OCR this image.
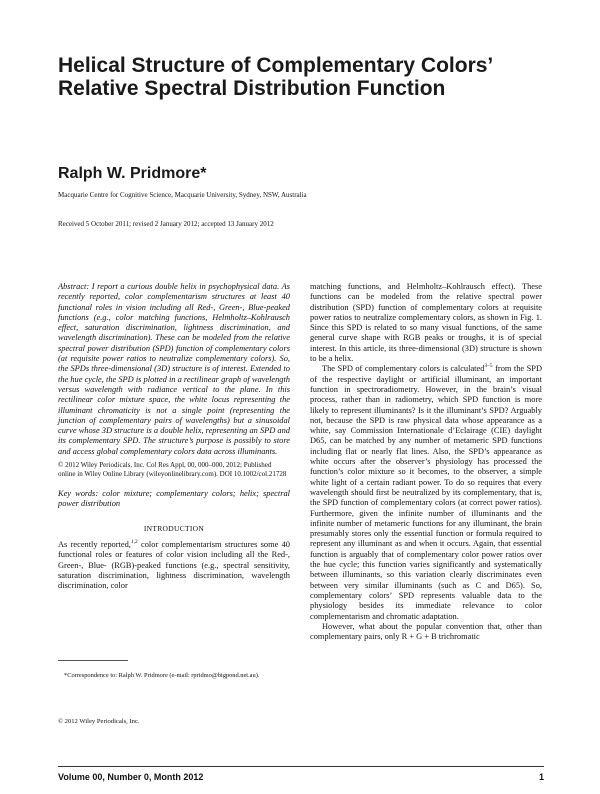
Helical Structure of Complementary Colors’ Relative Spectral Distribution Function
Ralph W. Pridmore*
Macquarie Centre for Cognitive Science, Macquarie University, Sydney, NSW, Australia
Received 5 October 2011; revised 2 January 2012; accepted 13 January 2012

Abstract: I report a curious double helix in psychophysical data. As recently reported, color complementarism structures at least 40 functional roles in vision including all Red-, Green-, Blue-peaked functions (e.g., color matching functions, Helmholtz–Kohlrausch effect, saturation discrimination, lightness discrimination, and wavelength discrimination). These can be modeled from the relative spectral power distribution (SPD) function of complementary colors (at requisite power ratios to neutralize complementary colors). So, the SPDs three-dimensional (3D) structure is of interest. Extended to the hue cycle, the SPD is plotted in a rectilinear graph of wavelength versus wavelength with radiance vertical to the plane. In this rectilinear color mixture space, the white locus representing the illuminant chromaticity is not a single point (representing the junction of complementary pairs of wavelengths) but a sinusoidal curve whose 3D structure is a double helix, representing an SPD and its complementary SPD. The structure’s purpose is possibly to store and access global complementary colors data across illuminants.

© 2012 Wiley Periodicals, Inc. Col Res Appl, 00, 000–000, 2012; Published online in Wiley Online Library (wileyonlinelibrary.com). DOI 10.1002/col.21728

Key words: color mixture; complementary colors; helix; spectral power distribution

INTRODUCTION

As recently reported,$^{1,2}$ color complementarism structures some 40 functional roles or features of color vision including all the Red-, Green-, Blue- (RGB)-peaked functions (e.g., spectral sensitivity, saturation discrimination, lightness discrimination, wavelength discrimination, color

matching functions, and Helmholtz–Kohlrausch effect). These functions can be modeled from the relative spectral power distribution (SPD) function of complementary colors at requisite power ratios to neutralize complementary colors, as shown in Fig. 1. Since this SPD is related to so many visual functions, of the same general curve shape with RGB peaks or troughs, it is of special interest. In this article, its three-dimensional (3D) structure is shown to be a helix.

The SPD of complementary colors is calculated$^{3-5}$ from the SPD of the respective daylight or artificial illuminant, an important function in spectroradiometry. However, in the brain’s visual process, rather than in radiometry, which SPD function is more likely to represent illuminants? Is it the illuminant’s SPD? Arguably not, because the SPD is raw physical data whose appearance as a white, say Commission Internationale d’Eclairage (CIE) daylight D65, can be matched by any number of metameric SPD functions including flat or nearly flat lines. Also, the SPD’s appearance as white occurs after the observer’s physiology has processed the function’s color mixture so it becomes, to the observer, a simple white light of a certain radiant power. To do so requires that every wavelength should first be neutralized by its complementary, that is, the SPD function of complementary colors (at correct power ratios). Furthermore, given the infinite number of illuminants and the infinite number of metameric functions for any illuminant, the brain presumably stores only the essential function or formula required to represent any illuminant as and when it occurs. Again, that essential function is arguably that of complementary color power ratios over the hue cycle; this function varies significantly and systematically between illuminants, so this variation clearly discriminates even between very similar illuminants (such as C and D65). So, complementary colors’ SPD represents valuable data to the physiology besides its immediate relevance to color complementarism and chromatic adaptation.

However, what about the popular convention that, other than complementary pairs, only R + G + B trichromatic

*Correspondence to: Ralph W. Pridmore (e-mail: rpridmo@bigpond.net.au).
© 2012 Wiley Periodicals, Inc.
Volume 00, Number 0, Month 2012	1
